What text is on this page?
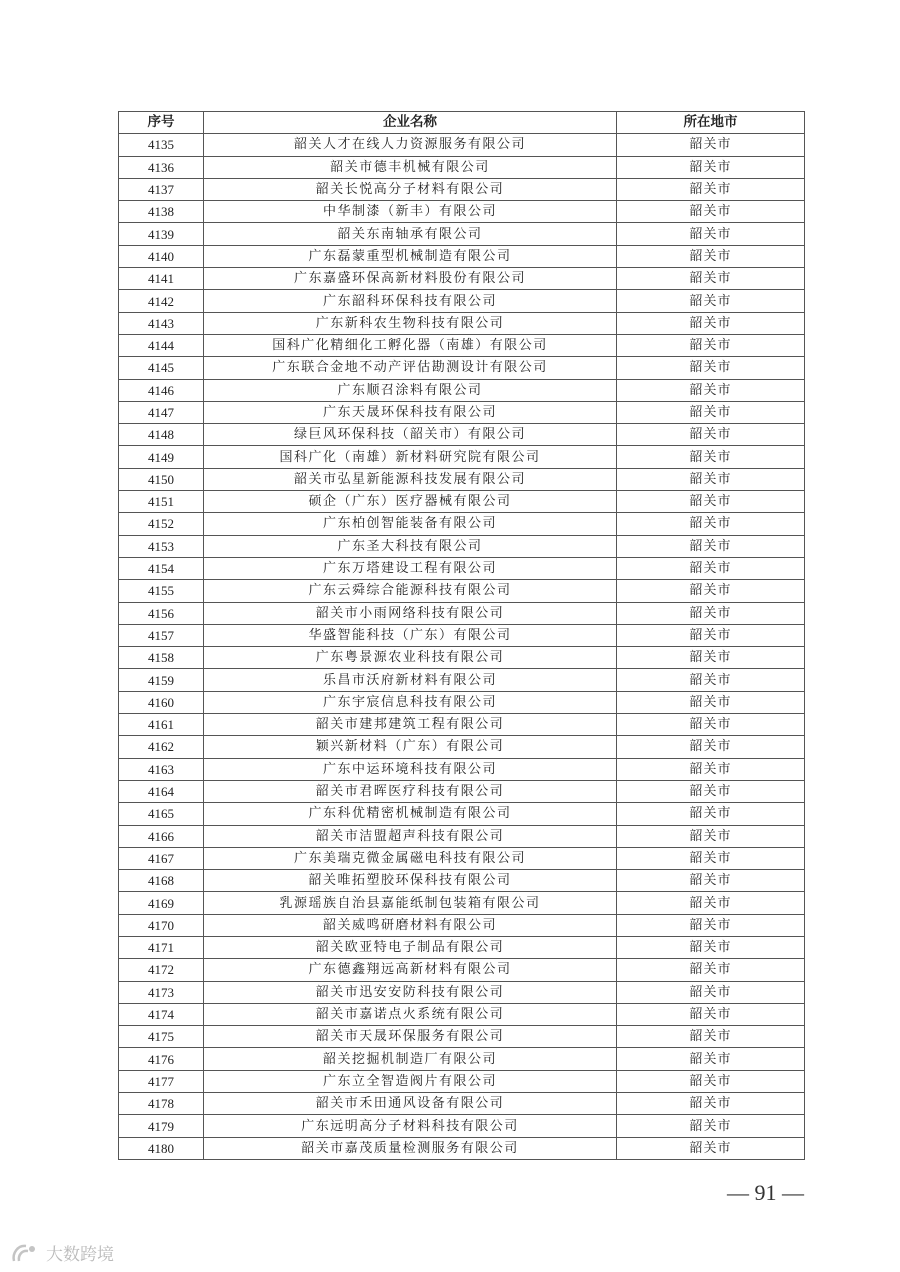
序号	企业名称	所在地市
4135	韶关人才在线人力资源服务有限公司	韶关市
4136	韶关市德丰机械有限公司	韶关市
4137	韶关长悦高分子材料有限公司	韶关市
4138	中华制漆（新丰）有限公司	韶关市
4139	韶关东南轴承有限公司	韶关市
4140	广东磊蒙重型机械制造有限公司	韶关市
4141	广东嘉盛环保高新材料股份有限公司	韶关市
4142	广东韶科环保科技有限公司	韶关市
4143	广东新科农生物科技有限公司	韶关市
4144	国科广化精细化工孵化器（南雄）有限公司	韶关市
4145	广东联合金地不动产评估勘测设计有限公司	韶关市
4146	广东顺召涂料有限公司	韶关市
4147	广东天晟环保科技有限公司	韶关市
4148	绿巨风环保科技（韶关市）有限公司	韶关市
4149	国科广化（南雄）新材料研究院有限公司	韶关市
4150	韶关市弘星新能源科技发展有限公司	韶关市
4151	硕企（广东）医疗器械有限公司	韶关市
4152	广东柏创智能装备有限公司	韶关市
4153	广东圣大科技有限公司	韶关市
4154	广东万塔建设工程有限公司	韶关市
4155	广东云舜综合能源科技有限公司	韶关市
4156	韶关市小雨网络科技有限公司	韶关市
4157	华盛智能科技（广东）有限公司	韶关市
4158	广东粤景源农业科技有限公司	韶关市
4159	乐昌市沃府新材料有限公司	韶关市
4160	广东宇宸信息科技有限公司	韶关市
4161	韶关市建邦建筑工程有限公司	韶关市
4162	颖兴新材料（广东）有限公司	韶关市
4163	广东中运环境科技有限公司	韶关市
4164	韶关市君晖医疗科技有限公司	韶关市
4165	广东科优精密机械制造有限公司	韶关市
4166	韶关市洁盟超声科技有限公司	韶关市
4167	广东美瑞克微金属磁电科技有限公司	韶关市
4168	韶关唯拓塑胶环保科技有限公司	韶关市
4169	乳源瑶族自治县嘉能纸制包装箱有限公司	韶关市
4170	韶关威鸣研磨材料有限公司	韶关市
4171	韶关欧亚特电子制品有限公司	韶关市
4172	广东德鑫翔远高新材料有限公司	韶关市
4173	韶关市迅安安防科技有限公司	韶关市
4174	韶关市嘉诺点火系统有限公司	韶关市
4175	韶关市天晟环保服务有限公司	韶关市
4176	韶关挖掘机制造厂有限公司	韶关市
4177	广东立全智造阀片有限公司	韶关市
4178	韶关市禾田通风设备有限公司	韶关市
4179	广东远明高分子材料科技有限公司	韶关市
4180	韶关市嘉茂质量检测服务有限公司	韶关市
— 91 —
大数跨境
